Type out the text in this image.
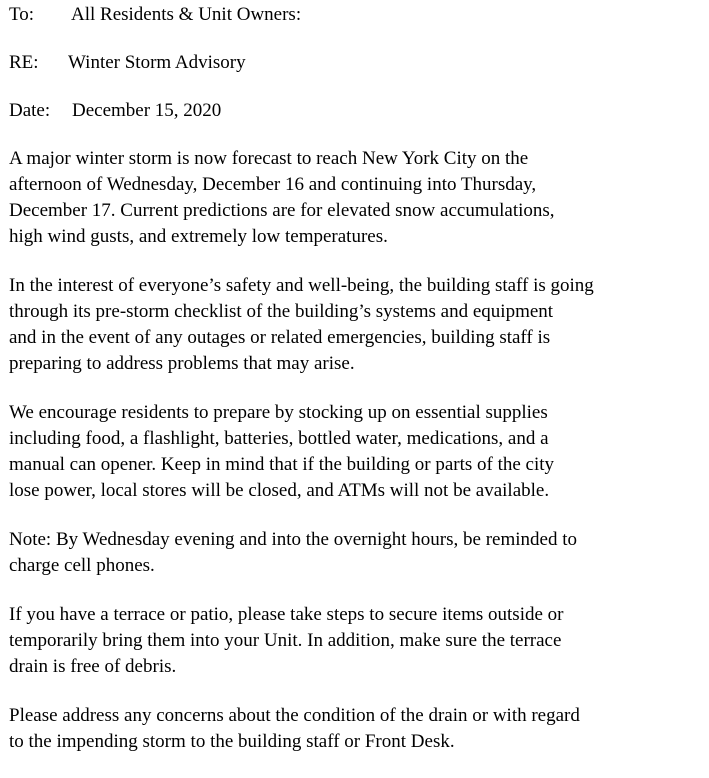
To: All Residents & Unit Owners:
RE: Winter Storm Advisory
Date: December 15, 2020
A major winter storm is now forecast to reach New York City on the
afternoon of Wednesday, December 16 and continuing into Thursday,
December 17. Current predictions are for elevated snow accumulations,
high wind gusts, and extremely low temperatures.
In the interest of everyone’s safety and well-being, the building staff is going
through its pre-storm checklist of the building’s systems and equipment
and in the event of any outages or related emergencies, building staff is
preparing to address problems that may arise.
We encourage residents to prepare by stocking up on essential supplies
including food, a flashlight, batteries, bottled water, medications, and a
manual can opener. Keep in mind that if the building or parts of the city
lose power, local stores will be closed, and ATMs will not be available.
Note: By Wednesday evening and into the overnight hours, be reminded to
charge cell phones.
If you have a terrace or patio, please take steps to secure items outside or
temporarily bring them into your Unit. In addition, make sure the terrace
drain is free of debris.
Please address any concerns about the condition of the drain or with regard
to the impending storm to the building staff or Front Desk.
